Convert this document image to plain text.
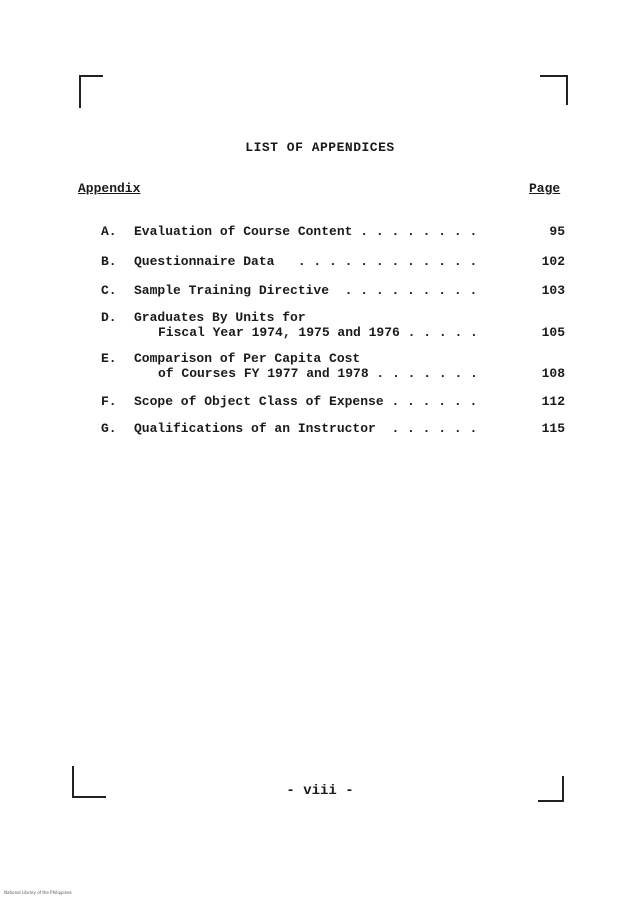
LIST OF APPENDICES
Appendix	Page
A. Evaluation of Course Content . . . . . . . .	95
B. Questionnaire Data   . . . . . . . . . . . .	102
C. Sample Training Directive  . . . . . . . . .	103
D. Graduates By Units for
Fiscal Year 1974, 1975 and 1976 . . . . .	105
E. Comparison of Per Capita Cost
of Courses FY 1977 and 1978 . . . . . . .	108
F. Scope of Object Class of Expense . . . . . .	112
G. Qualifications of an Instructor  . . . . . .	115
- viii -
National Library of the Philippines
